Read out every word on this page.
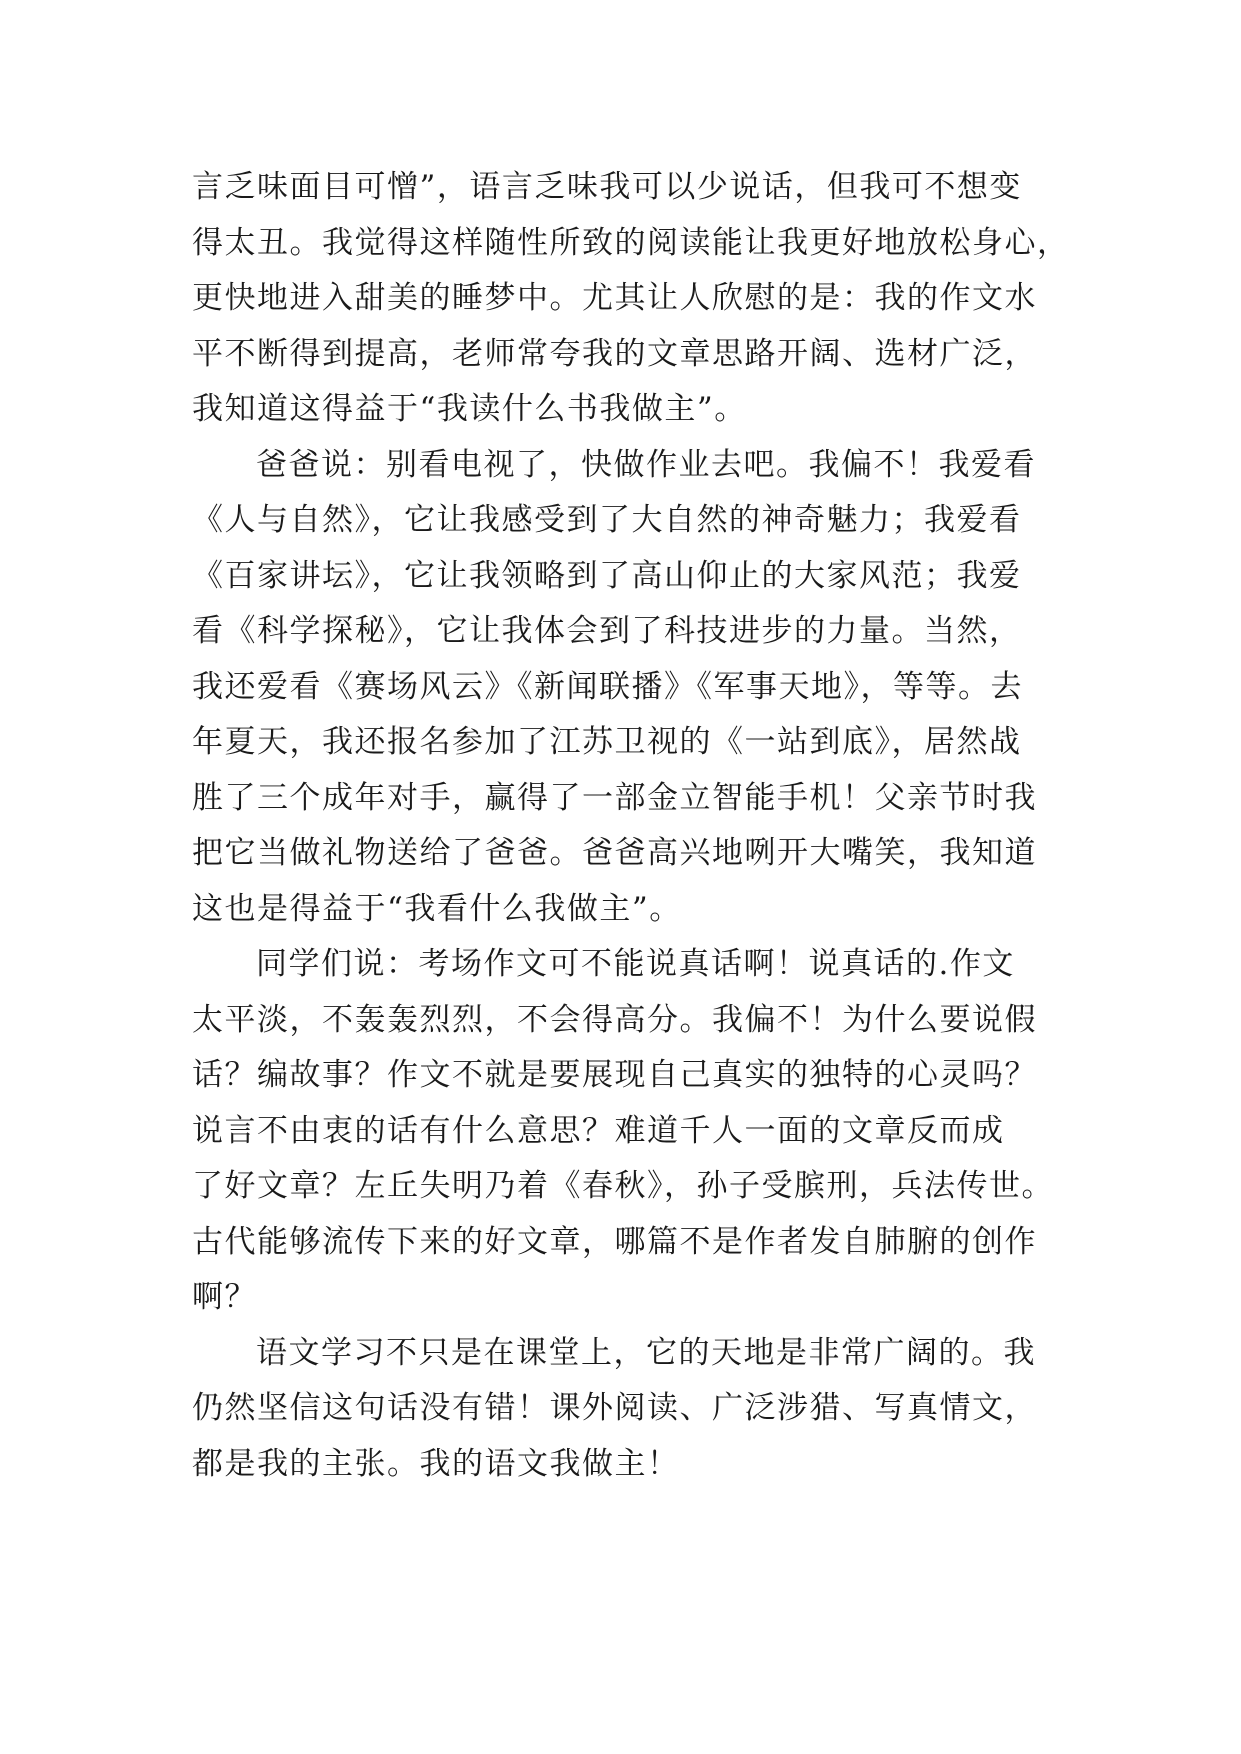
言乏味面目可憎”，语言乏味我可以少说话，但我可不想变
得太丑。我觉得这样随性所致的阅读能让我更好地放松身心，
更快地进入甜美的睡梦中。尤其让人欣慰的是：我的作文水
平不断得到提高，老师常夸我的文章思路开阔、选材广泛，
我知道这得益于“我读什么书我做主”。
爸爸说：别看电视了，快做作业去吧。我偏不！我爱看
《人与自然》，它让我感受到了大自然的神奇魅力；我爱看
《百家讲坛》，它让我领略到了高山仰止的大家风范；我爱
看《科学探秘》，它让我体会到了科技进步的力量。当然，
我还爱看《赛场风云》《新闻联播》《军事天地》，等等。去
年夏天，我还报名参加了江苏卫视的《一站到底》，居然战
胜了三个成年对手，赢得了一部金立智能手机！父亲节时我
把它当做礼物送给了爸爸。爸爸高兴地咧开大嘴笑，我知道
这也是得益于“我看什么我做主”。
同学们说：考场作文可不能说真话啊！说真话的.作文
太平淡，不轰轰烈烈，不会得高分。我偏不！为什么要说假
话？编故事？作文不就是要展现自己真实的独特的心灵吗？
说言不由衷的话有什么意思？难道千人一面的文章反而成
了好文章？左丘失明乃着《春秋》，孙子受膑刑，兵法传世。
古代能够流传下来的好文章，哪篇不是作者发自肺腑的创作
啊？
语文学习不只是在课堂上，它的天地是非常广阔的。我
仍然坚信这句话没有错！课外阅读、广泛涉猎、写真情文，
都是我的主张。我的语文我做主！
